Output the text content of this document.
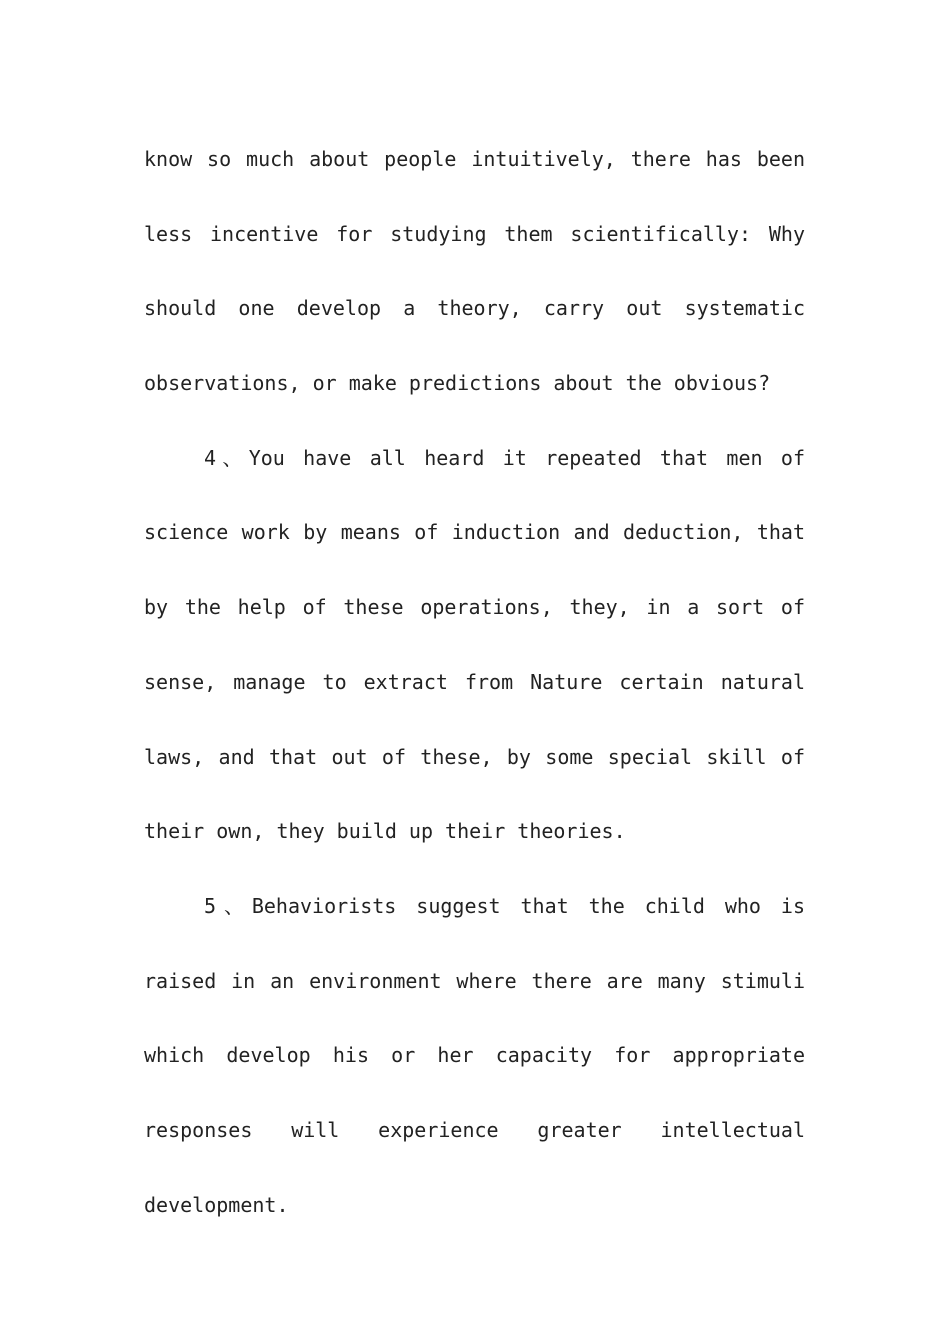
know so much about people intuitively, there has been
less incentive for studying them scientifically: Why
should one develop a theory, carry out systematic
observations, or make predictions about the obvious?
4、You have all heard it repeated that men of
science work by means of induction and deduction, that
by the help of these operations, they, in a sort of
sense, manage to extract from Nature certain natural
laws, and that out of these, by some special skill of
their own, they build up their theories.
5、Behaviorists suggest that the child who is
raised in an environment where there are many stimuli
which develop his or her capacity for appropriate
responses will experience greater intellectual
development.
